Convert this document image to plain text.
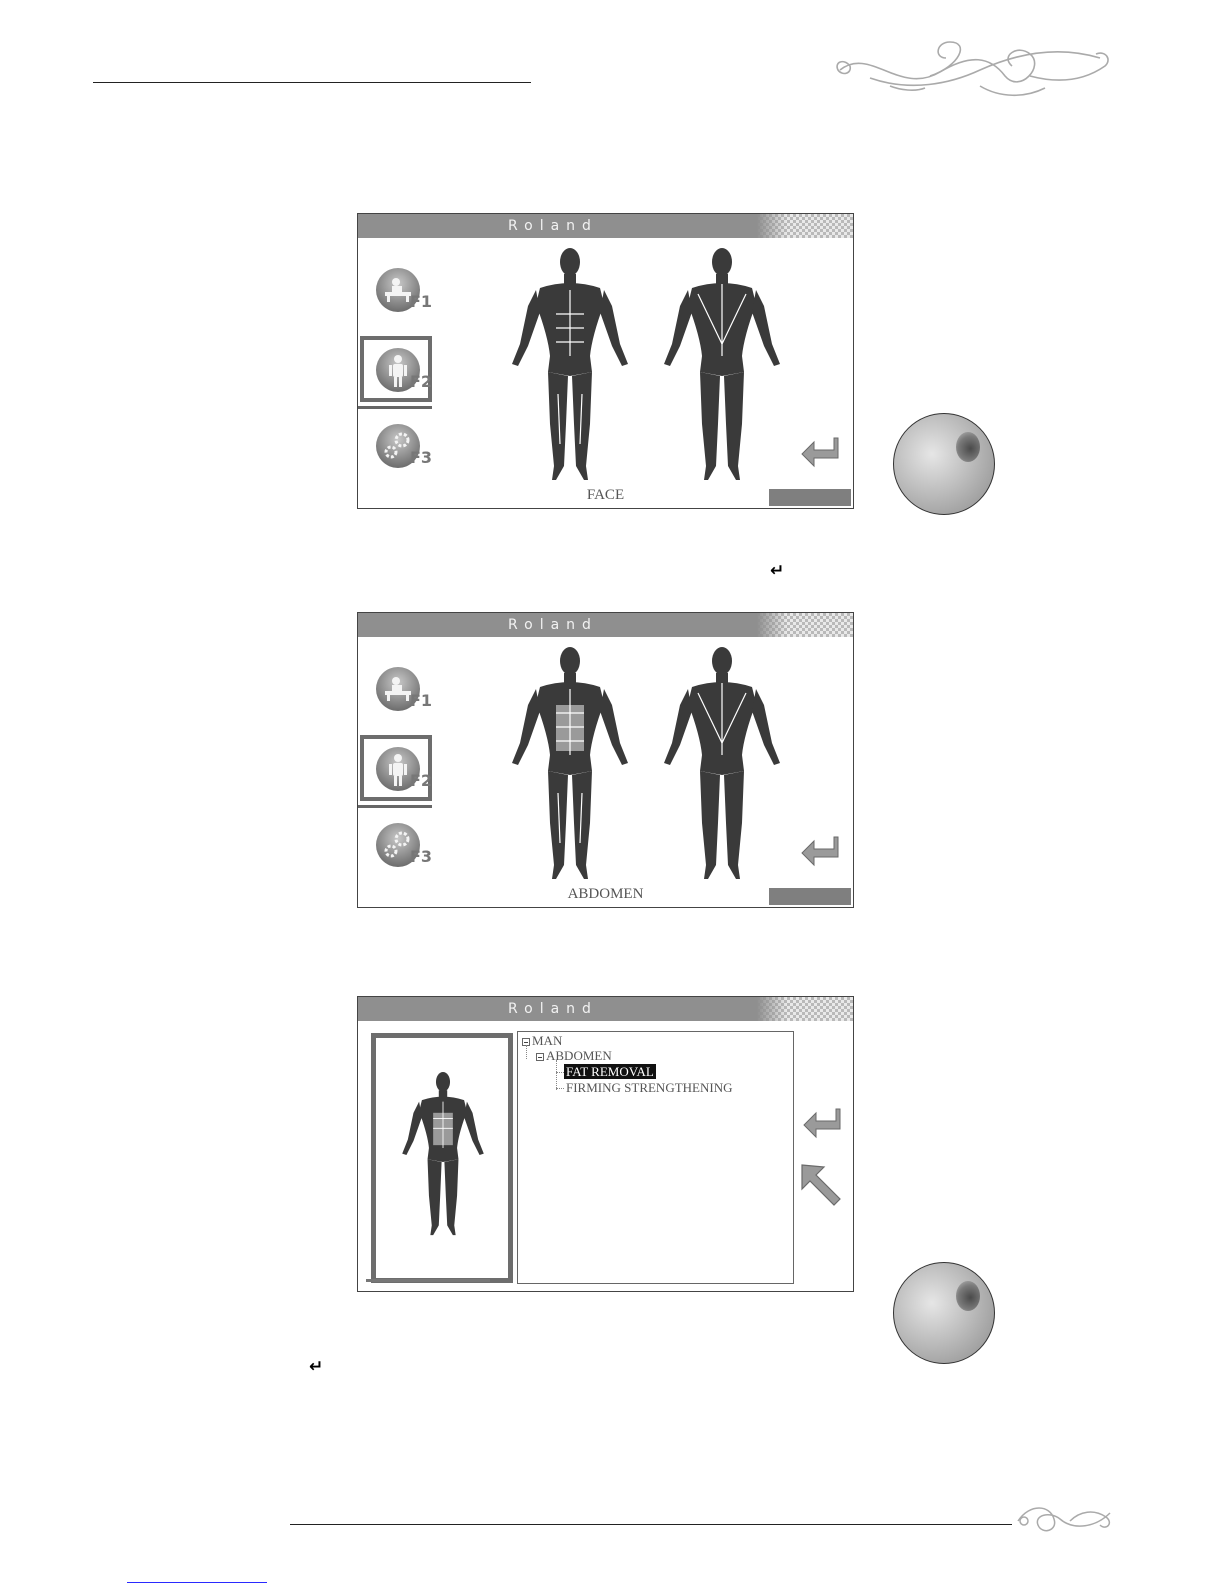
Roland
F1
F2
F3
FACE
↵
Roland
F1
F2
F3
ABDOMEN
Roland
MAN
ABDOMEN
FAT REMOVAL
FIRMING STRENGTHENING
↵
